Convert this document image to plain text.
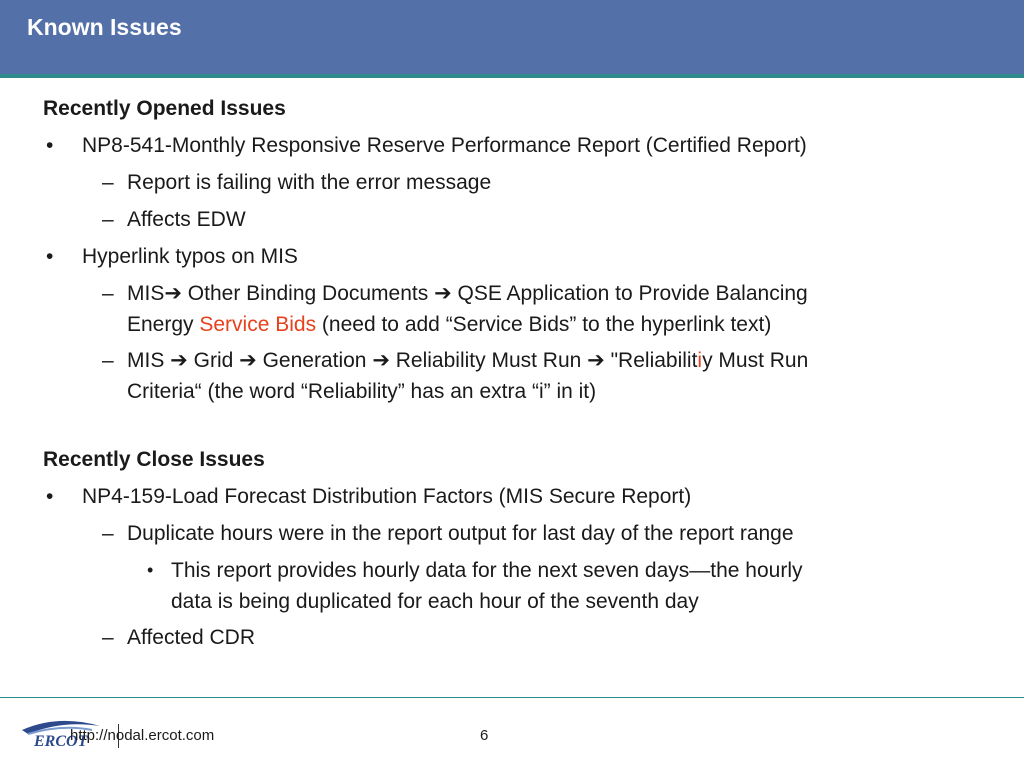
Known Issues
Recently Opened Issues
• NP8-541-Monthly Responsive Reserve Performance Report (Certified Report)
– Report is failing with the error message
– Affects EDW
• Hyperlink typos on MIS
– MIS➔ Other Binding Documents ➔ QSE Application to Provide Balancing
Energy Service Bids (need to add “Service Bids” to the hyperlink text)
– MIS ➔ Grid ➔ Generation ➔ Reliability Must Run ➔ "Reliabilitiy Must Run
Criteria“ (the word “Reliability” has an extra “i” in it)
Recently Close Issues
• NP4-159-Load Forecast Distribution Factors (MIS Secure Report)
– Duplicate hours were in the report output for last day of the report range
• This report provides hourly data for the next seven days—the hourly
data is being duplicated for each hour of the seventh day
– Affected CDR
ERCOT
http://nodal.ercot.com	6
